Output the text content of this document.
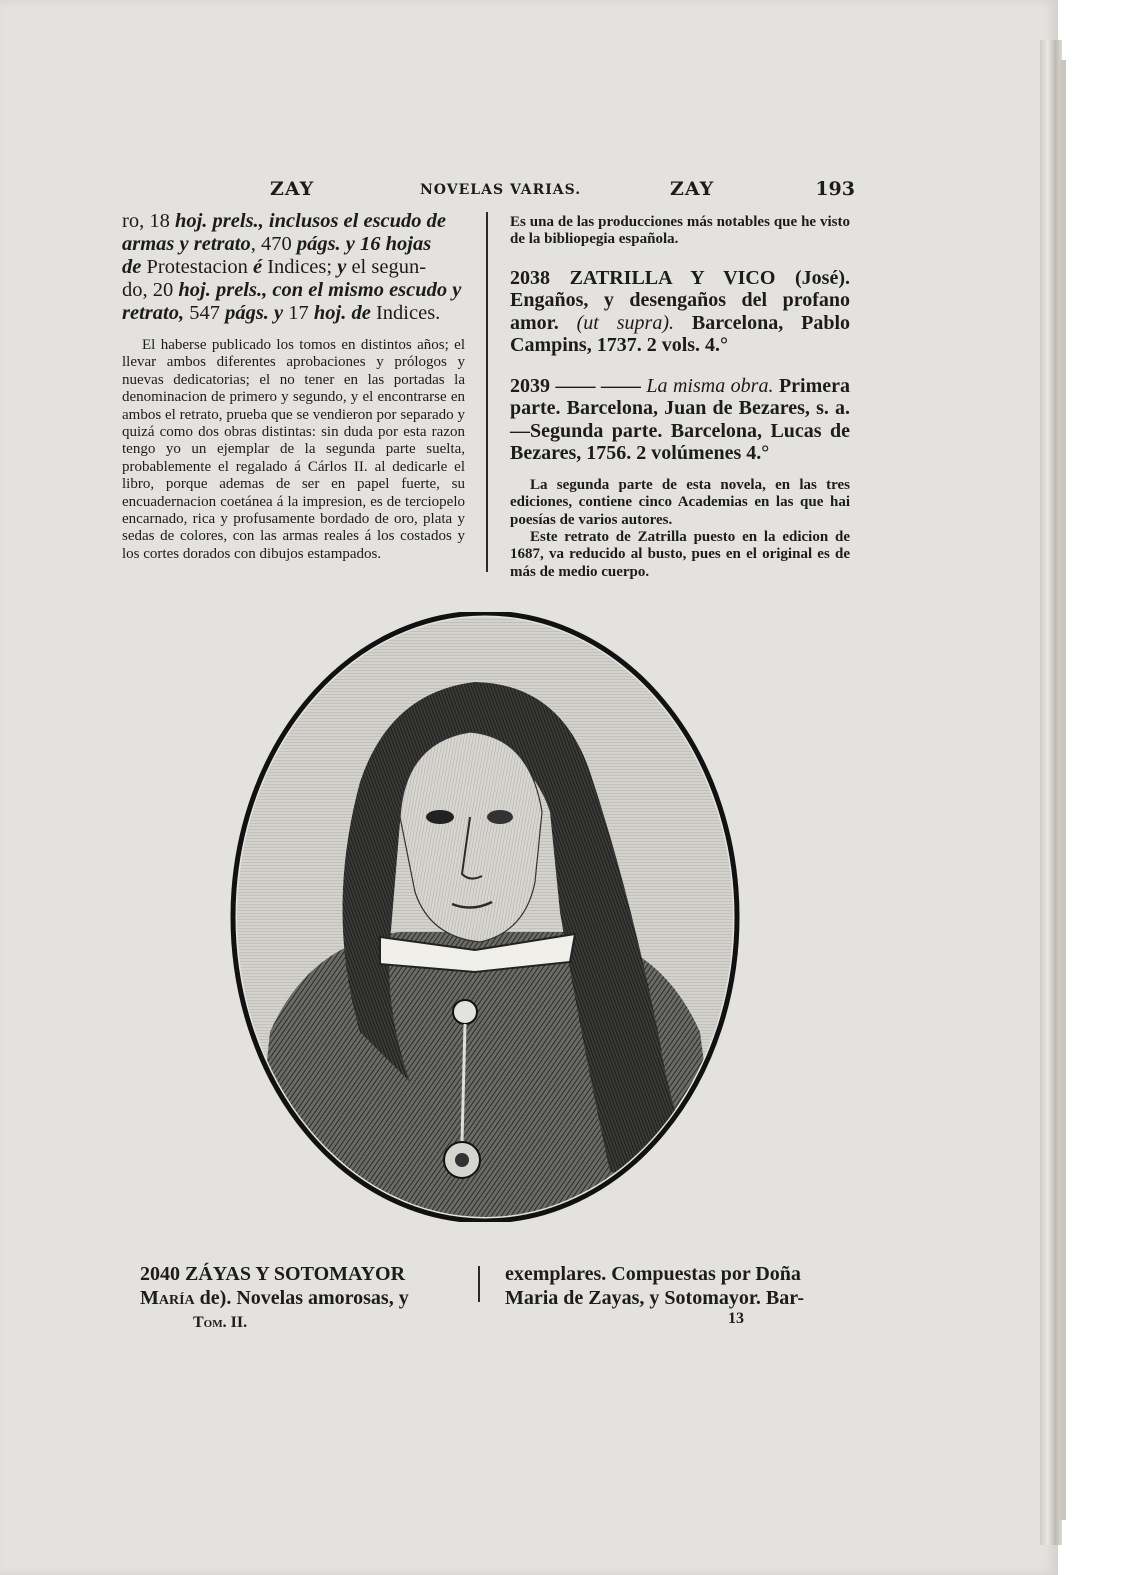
ZAY	NOVELAS VARIAS.	ZAY	193

ro, 18 hoj. prels., inclusos el escudo de

armas y retrato, 470 págs. y 16 hojas

de Protestacion é Indices; y el segun-

do, 20 hoj. prels., con el mismo escudo y

retrato, 547 págs. y 17 hoj. de Indices.

El haberse publicado los tomos en distintos años; el llevar ambos diferentes aprobaciones y prólogos y nuevas dedicatorias; el no tener en las portadas la denominacion de primero y segundo, y el encontrarse en ambos el retrato, prueba que se vendieron por separado y quizá como dos obras distintas: sin duda por esta razon tengo yo un ejemplar de la segunda parte suelta, probablemente el regalado á Cárlos II. al dedicarle el libro, porque ademas de ser en papel fuerte, su encuadernacion coetánea á la impresion, es de terciopelo encarnado, rica y profusamente bordado de oro, plata y sedas de colores, con las armas reales á los costados y los cortes dorados con dibujos estampados.

Es una de las producciones más notables que he visto de la bibliopegia española.

2038 ZATRILLA Y VICO (José). Engaños, y desengaños del profano amor. (ut supra). Barcelona, Pablo Campins, 1737. 2 vols. 4.°

2039 —— —— La misma obra. Primera parte. Barcelona, Juan de Bezares, s. a.—Segunda parte. Barcelona, Lucas de Bezares, 1756. 2 volúmenes 4.°

La segunda parte de esta novela, en las tres ediciones, contiene cinco Academias en las que hai poesías de varios autores.

Este retrato de Zatrilla puesto en la edicion de 1687, va reducido al busto, pues en el original es de más de medio cuerpo.

2040 ZÁYAS Y SOTOMAYOR

María de). Novelas amorosas, y

exemplares. Compuestas por Doña

Maria de Zayas, y Sotomayor. Bar-

Tom. II.	13
